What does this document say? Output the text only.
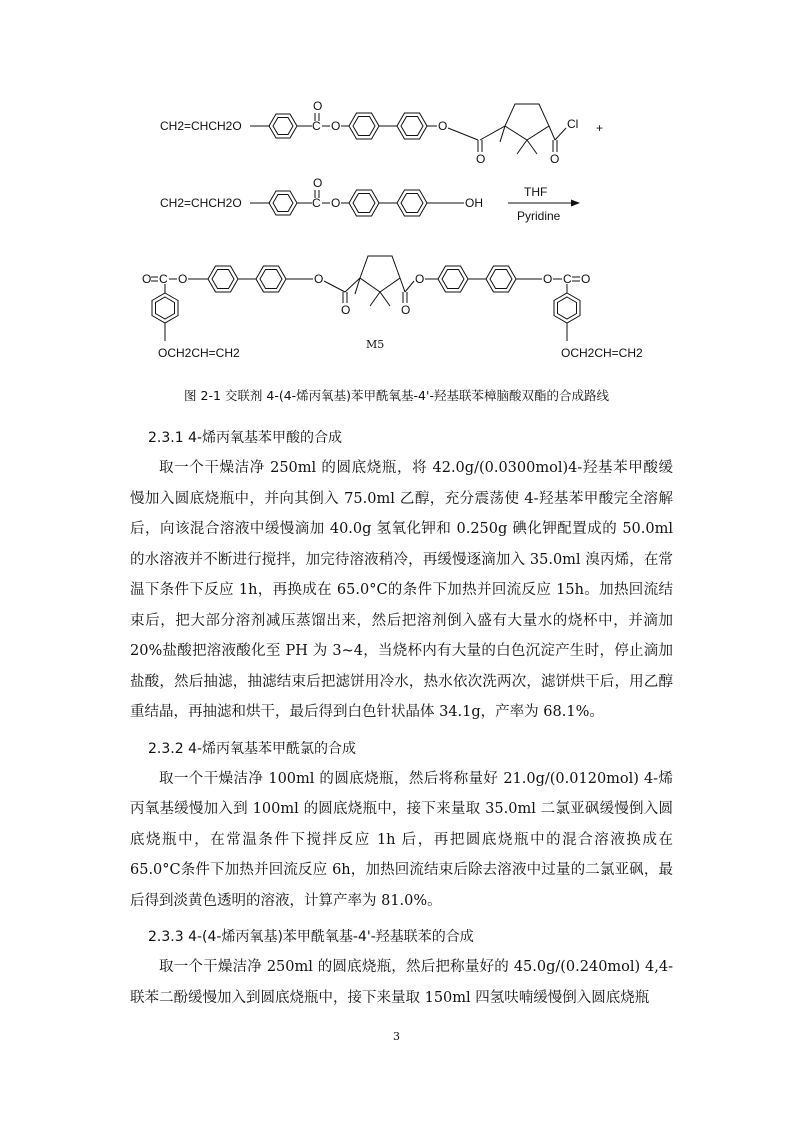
CH2=CHCH2O
O
C O	O
O	O
Cl +
CH2=CHCH2O
O
C O	OH
THF
Pyridine
O C O
OCH2CH=CH2
O
O	O
O	O C O
OCH2CH=CH2
M5
图 2-1 交联剂 4-(4-烯丙氧基)苯甲酰氧基-4'-羟基联苯樟脑酸双酯的合成路线
2.3.1 4-烯丙氧基苯甲酸的合成

取一个干燥洁净 250ml 的圆底烧瓶，将 42.0g/(0.0300mol)4-羟基苯甲酸缓慢加入圆底烧瓶中，并向其倒入 75.0ml 乙醇，充分震荡使 4-羟基苯甲酸完全溶解后，向该混合溶液中缓慢滴加 40.0g 氢氧化钾和 0.250g 碘化钾配置成的 50.0ml 的水溶液并不断进行搅拌，加完待溶液稍冷，再缓慢逐滴加入 35.0ml 溴丙烯，在常温下条件下反应 1h，再换成在 65.0°C的条件下加热并回流反应 15h。加热回流结束后，把大部分溶剂减压蒸馏出来，然后把溶剂倒入盛有大量水的烧杯中，并滴加 20%盐酸把溶液酸化至 PH 为 3~4，当烧杯内有大量的白色沉淀产生时，停止滴加盐酸，然后抽滤，抽滤结束后把滤饼用冷水，热水依次洗两次，滤饼烘干后，用乙醇重结晶，再抽滤和烘干，最后得到白色针状晶体 34.1g，产率为 68.1%。

2.3.2 4-烯丙氧基苯甲酰氯的合成

取一个干燥洁净 100ml 的圆底烧瓶，然后将称量好 21.0g/(0.0120mol) 4-烯丙氧基缓慢加入到 100ml 的圆底烧瓶中，接下来量取 35.0ml 二氯亚砜缓慢倒入圆底烧瓶中，在常温条件下搅拌反应 1h 后，再把圆底烧瓶中的混合溶液换成在 65.0°C条件下加热并回流反应 6h，加热回流结束后除去溶液中过量的二氯亚砜，最后得到淡黄色透明的溶液，计算产率为 81.0%。

2.3.3 4-(4-烯丙氧基)苯甲酰氧基-4'-羟基联苯的合成

取一个干燥洁净 250ml 的圆底烧瓶，然后把称量好的 45.0g/(0.240mol) 4,4-联苯二酚缓慢加入到圆底烧瓶中，接下来量取 150ml 四氢呋喃缓慢倒入圆底烧瓶

3
